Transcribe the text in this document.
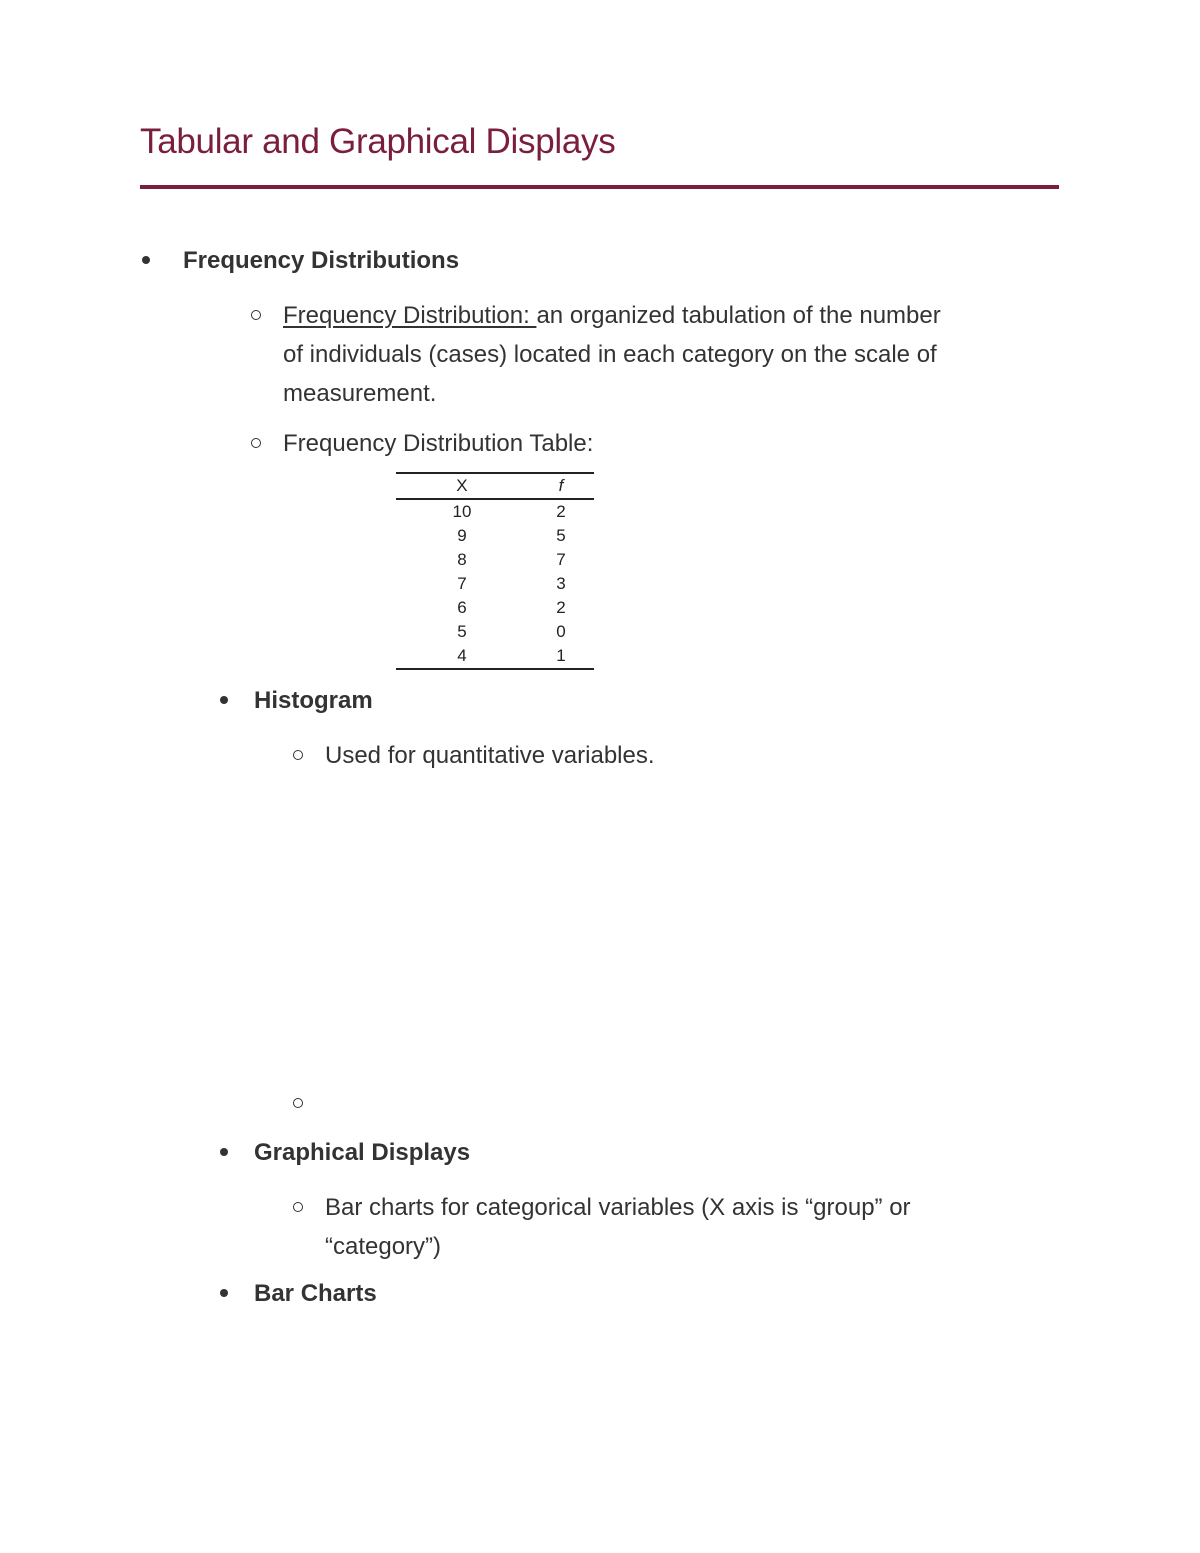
Tabular and Graphical Displays
Frequency Distributions
Frequency Distribution: an organized tabulation of the number
of individuals (cases) located in each category on the scale of
measurement.
Frequency Distribution Table:
X	f
10	2
9	5
8	7
7	3
6	2
5	0
4	1
Histogram
Used for quantitative variables.
Graphical Displays
Bar charts for categorical variables (X axis is “group” or
“category”)
Bar Charts
